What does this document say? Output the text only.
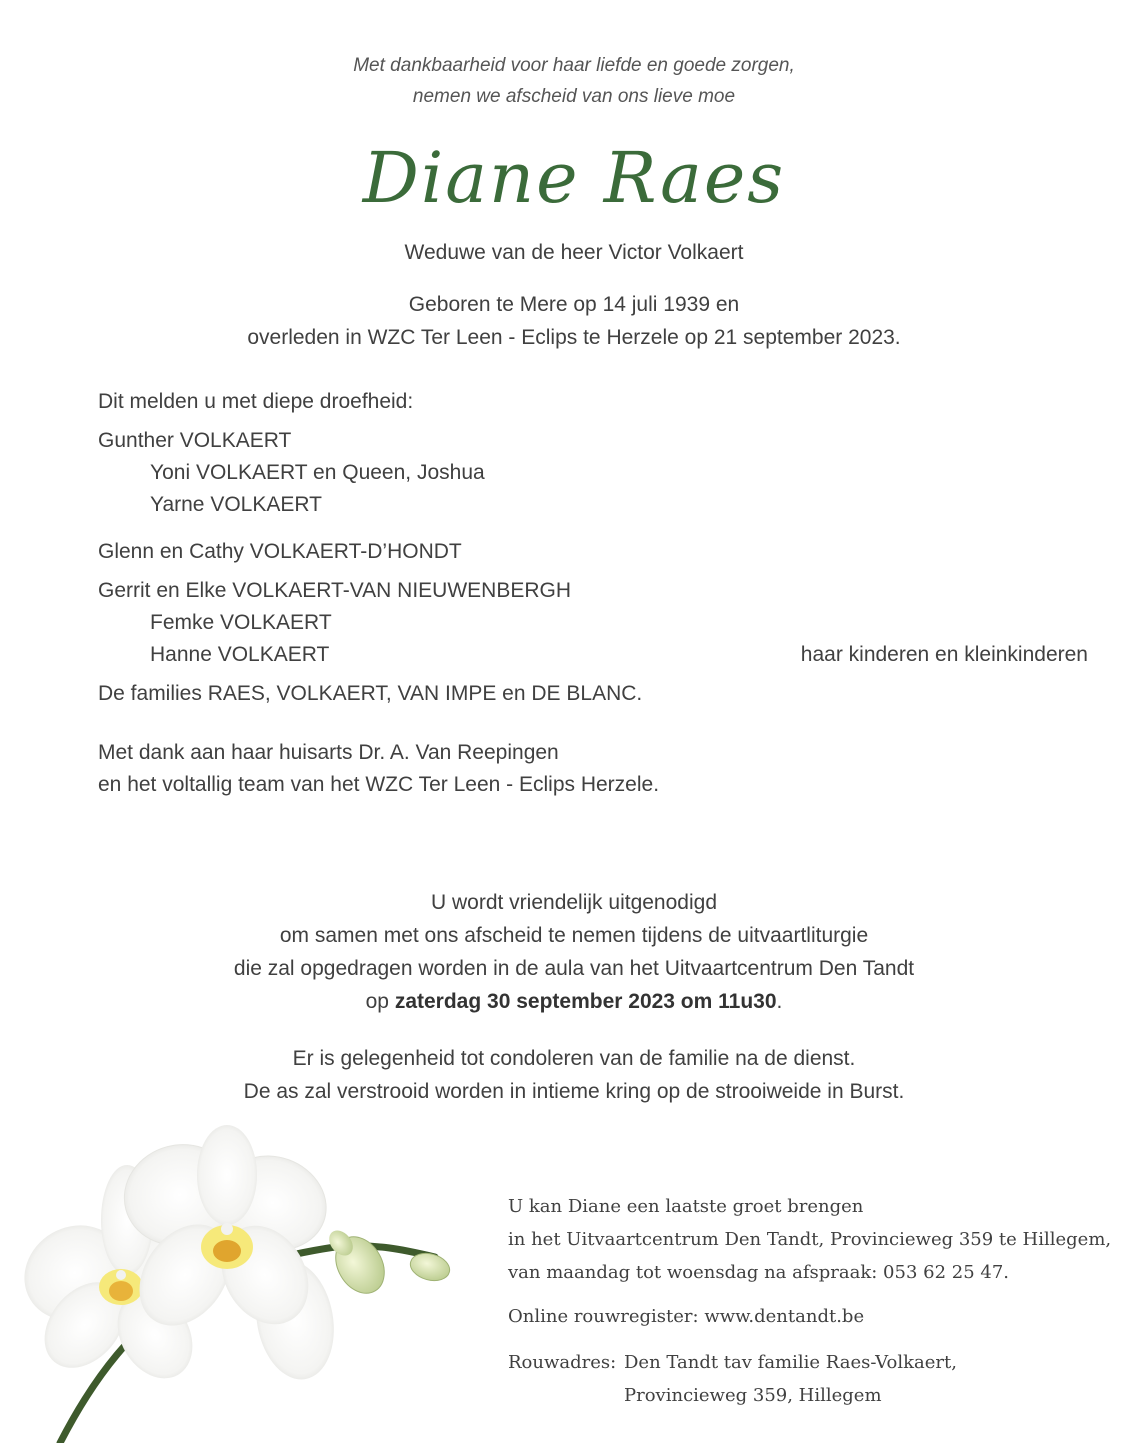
Met dankbaarheid voor haar liefde en goede zorgen,
nemen we afscheid van ons lieve moe
Diane Raes
Weduwe van de heer Victor Volkaert
Geboren te Mere op 14 juli 1939 en
overleden in WZC Ter Leen - Eclips te Herzele op 21 september 2023.
Dit melden u met diepe droefheid:
Gunther VOLKAERT
Yoni VOLKAERT en Queen, Joshua
Yarne VOLKAERT
Glenn en Cathy VOLKAERT-D’HONDT
Gerrit en Elke VOLKAERT-VAN NIEUWENBERGH
Femke VOLKAERT
Hanne VOLKAERT	haar kinderen en kleinkinderen
De families RAES, VOLKAERT, VAN IMPE en DE BLANC.
Met dank aan haar huisarts Dr. A. Van Reepingen
en het voltallig team van het WZC Ter Leen - Eclips Herzele.
U wordt vriendelijk uitgenodigd
om samen met ons afscheid te nemen tijdens de uitvaartliturgie
die zal opgedragen worden in de aula van het Uitvaartcentrum Den Tandt
op zaterdag 30 september 2023 om 11u30.
Er is gelegenheid tot condoleren van de familie na de dienst.
De as zal verstrooid worden in intieme kring op de strooiweide in Burst.
U kan Diane een laatste groet brengen
in het Uitvaartcentrum Den Tandt, Provincieweg 359 te Hillegem,
van maandag tot woensdag na afspraak: 053 62 25 47.
Online rouwregister: www.dentandt.be
Rouwadres: Den Tandt tav familie Raes-Volkaert,
Provincieweg 359, Hillegem
